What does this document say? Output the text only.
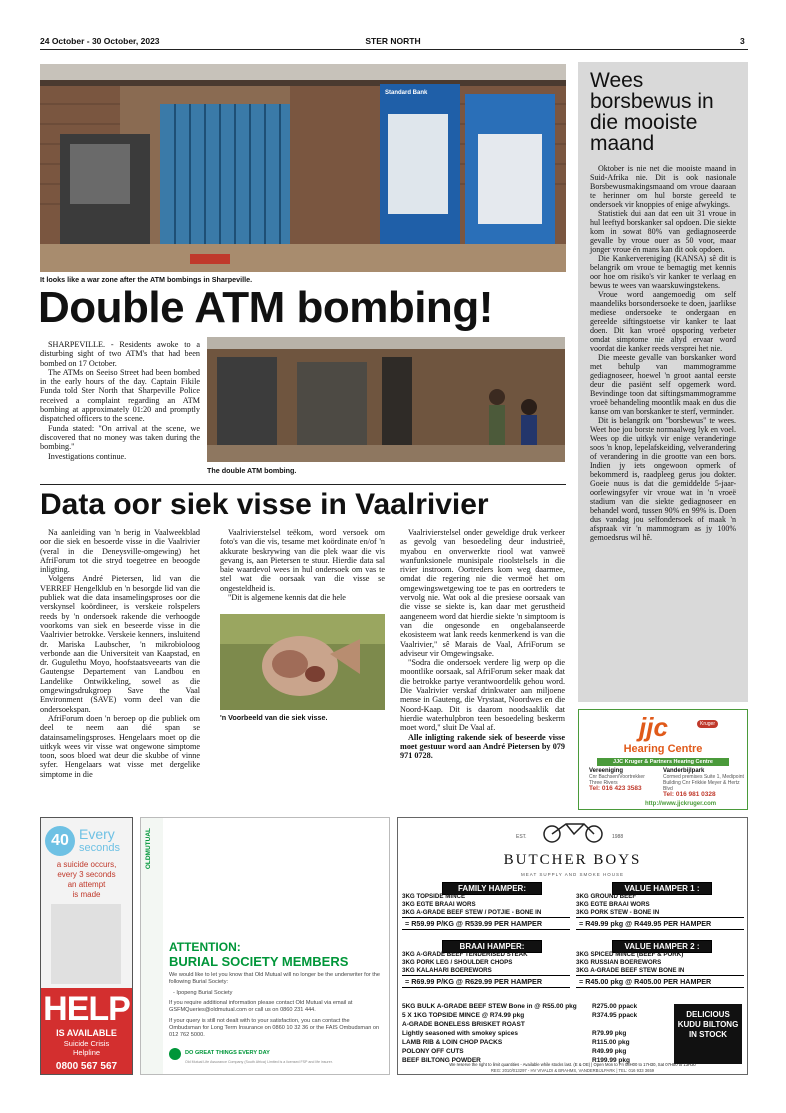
24 October - 30 October, 2023	STER NORTH	3
Standard Bank
It looks like a war zone after the ATM bombings in Sharpeville.
Double ATM bombing!

SHARPEVILLE. - Residents awoke to a disturbing sight of two ATM's that had been bombed on 17 October.

The ATMs on Seeiso Street had been bombed in the early hours of the day. Captain Fikile Funda told Ster North that Sharpeville Police received a complaint regarding an ATM bombing at approximately 01:20 and promptly dispatched officers to the scene.

Funda stated: "On arrival at the scene, we discovered that no money was taken during the bombing."

Investigations continue.

The double ATM bombing.
Data oor siek visse in Vaalrivier

Na aanleiding van 'n berig in Vaalweekblad oor die siek en besoerde visse in die Vaalrivier (veral in die Deneysville-omgewing) het AfriForum tot die stryd toegetree en beoogde inligting.

Volgens André Pietersen, lid van die VERREF Hengelklub en 'n besorgde lid van die publiek wat die data insamelingsproses oor die verskynsel koördineer, is verskeie rolspelers reeds by 'n ondersoek rakende die verhoogde voorkoms van siek en beseerde visse in die Vaalrivier betrokke. Verskeie kenners, insluitend dr. Mariska Laubscher, 'n mikrobioloog verbonde aan die Universiteit van Kaapstad, en dr. Gugulethu Moyo, hoofstaatsveearts van die Gautengse Departement van Landbou en Landelike Ontwikkeling, sowel as die omgewingsdrukgroep Save the Vaal Environment (SAVE) vorm deel van die ondersoekspan.

AfriForum doen 'n beroep op die publiek om deel te neem aan dié span se datainsamelingsproses. Hengelaars moet op die uitkyk wees vir visse wat ongewone simptome toon, soos bloed wat deur die skubbe of vinne syfer. Hengelaars wat visse met dergelike simptome in die

Vaalrivierstelsel teëkom, word versoek om foto's van die vis, tesame met koördinate en/of 'n akkurate beskrywing van die plek waar die vis gevang is, aan Pietersen te stuur. Hierdie data sal baie waardevol wees in hul ondersoek om vas te stel wat die oorsaak van die visse se ongesteldheid is.

"Dit is algemene kennis dat die hele

'n Voorbeeld van die siek visse.

Vaalrivierstelsel onder geweldige druk verkeer as gevolg van besoedeling deur industrieë, myabou en onverwerkte riool wat vanweë wanfunksionele munisipale rioolstelsels in die rivier instroom. Oortreders kom weg daarmee, omdat die regering nie die vermoë het om omgewingswetgewing toe te pas en oortreders te vervolg nie. Wat ook al die presiese oorsaak van die visse se siekte is, kan daar met gerustheid aangeneem word dat hierdie siekte 'n simptoom is van die ongesonde en ongebalanseerde ekosisteem wat lank reeds kenmerkend is van die Vaalrivier," sê Marais de Vaal, AfriForum se adviseur vir Omgewingsake.

"Sodra die ondersoek verdere lig werp op die moontlike oorsaak, sal AfriForum seker maak dat die betrokke partye verantwoordelik gehou word. Die Vaalrivier verskaf drinkwater aan miljoene mense in Gauteng, die Vrystaat, Noordwes en die Noord-Kaap. Dit is daarom noodsaaklik dat hierdie waterhulpbron teen besoedeling beskerm moet word," sluit De Vaal af.

Alle inligting rakende siek of beseerde visse moet gestuur word aan André Pietersen by 079 971 0728.

Wees
borsbewus in
die mooiste
maand

Oktober is nie net die mooiste maand in Suid-Afrika nie. Dit is ook nasionale Borsbewusmakingsmaand om vroue daaraan te herinner om hul borste gereeld te ondersoek vir knoppies of enige afwykings.

Statistiek dui aan dat een uit 31 vroue in hul leeftyd borskanker sal opdoen. Die siekte kom in sowat 80% van gediagnoseerde gevalle by vroue ouer as 50 voor, maar jonger vroue én mans kan dit ook opdoen.

Die Kankervereniging (KANSA) sê dit is belangrik om vroue te bemagtig met kennis oor hoe om risiko's vir kanker te verlaag en bewus te wees van waarskuwingstekens.

Vroue word aangemoedig om self maandeliks borsondersoeke te doen, jaarlikse mediese ondersoeke te ondergaan en gereelde siftingstoetse vir kanker te laat doen. Dit kan vroeë opsporing verbeter omdat simptome nie altyd ervaar word voordat die kanker reeds versprei het nie.

Die meeste gevalle van borskanker word met behulp van mammogramme gediagnoseer, hoewel 'n groot aantal eerste deur die pasiënt self opgemerk word. Bevindinge toon dat siftingsmammogramme vroeë behandeling moontlik maak en dus die kanse om van borskanker te sterf, verminder.

Dit is belangrik om "borsbewus" te wees. Weet hoe jou borste normaalweg lyk en voel. Wees op die uitkyk vir enige veranderinge soos 'n knop, lepelafskeiding, velverandering of verandering in die grootte van een bors. Indien jy iets ongewoon opmerk of bekommerd is, raadpleeg gerus jou dokter. Goeie nuus is dat die gemiddelde 5-jaar-oorlewingsyfer vir vroue wat in 'n vroeë stadium van die siekte gediagnoseer en behandel word, tussen 90% en 99% is. Doen dus vandag jou selfondersoek of maak 'n afspraak vir 'n mammogram as jy 100% gemoedsrus wil hê.

jjc	Kruger
Hearing Centre
JJC Kruger & Partners Hearing Centre
Vereeniging
Cnr Bachsen/Voortrekker Three Rivers
Tel: 016 423 3583
Vanderbijlpark
Cormed premises Suite 1, Medipoint Building Cnr Frikkie Meyer & Hertz Blvd
Tel: 016 981 0328
http://www.jjckruger.com
40 Every
seconds
a suicide occurs,
every 3 seconds
an attempt
is made
HELP
IS AVAILABLE
Suicide Crisis Helpline
0800 567 567
OLDMUTUAL
ATTENTION:
BURIAL SOCIETY MEMBERS
We would like to let you know that Old Mutual will no longer be the underwriter for the following Burial Society:
- Ipopeng Burial Society
If you require additional information please contact Old Mutual via email at GSFMQueries@oldmutual.com or call us on 0860 231 444.
If your query is still not dealt with to your satisfaction, you can contact the Ombudsman for Long Term Insurance on 0860 10 32 36 or the FAIS Ombudsman on 012 762 5000.
DO GREAT THINGS EVERY DAY
Old Mutual Life Assurance Company (South Africa) Limited is a licensed FSP and life insurer.
EST.	1988
BUTCHER BOYS
MEAT SUPPLY AND SMOKE HOUSE
FAMILY HAMPER:
3KG TOPSIDE MINCE
3KG EGTE BRAAI WORS
3KG A-GRADE BEEF STEW / POTJIE - BONE IN
= R59.99 P/KG @ R539.99 PER HAMPER
VALUE HAMPER 1 :
3KG GROUND BEEF
3KG EGTE BRAAI WORS
3KG PORK STEW - BONE IN
= R49.99 pkg @ R449.95 PER HAMPER
BRAAI HAMPER:
3KG A-GRADE BEEF TENDERISED STEAK
3KG PORK LEG / SHOULDER CHOPS
3KG KALAHARI BOEREWORS
= R69.99 P/KG @ R629.99 PER HAMPER
VALUE HAMPER 2 :
3KG SPICED MINCE (BEEF & PORK)
3KG RUSSIAN BOEREWORS
3KG A-GRADE BEEF STEW BONE IN
= R45.00 pkg @ R405.00 PER HAMPER
5KG BULK A-GRADE BEEF STEW Bone in @ R55.00 pkg	R275.00 ppack
5 X 1KG TOPSIDE MINCE @ R74.99 pkg	R374.95 ppack
A-GRADE BONELESS BRISKET ROAST
Lightly seasoned with smokey spices	R79.99 pkg
LAMB RIB & LOIN CHOP PACKS	R115.00 pkg
POLONY OFF CUTS	R49.99 pkg
BEEF BILTONG POWDER	R199.99 pkg
DELICIOUS KUDU BILTONG IN STOCK
We reserve the right to limit quantities - Available while stocks last. (E & OE) | Open Mon to Fri 08H00 to 17H30, Sat 07H00 to 13H30
REG: 2010/013297 - HV VIVALDI & BRAHMS, VANDERBIJLPARK | TEL: 016 933 3659
